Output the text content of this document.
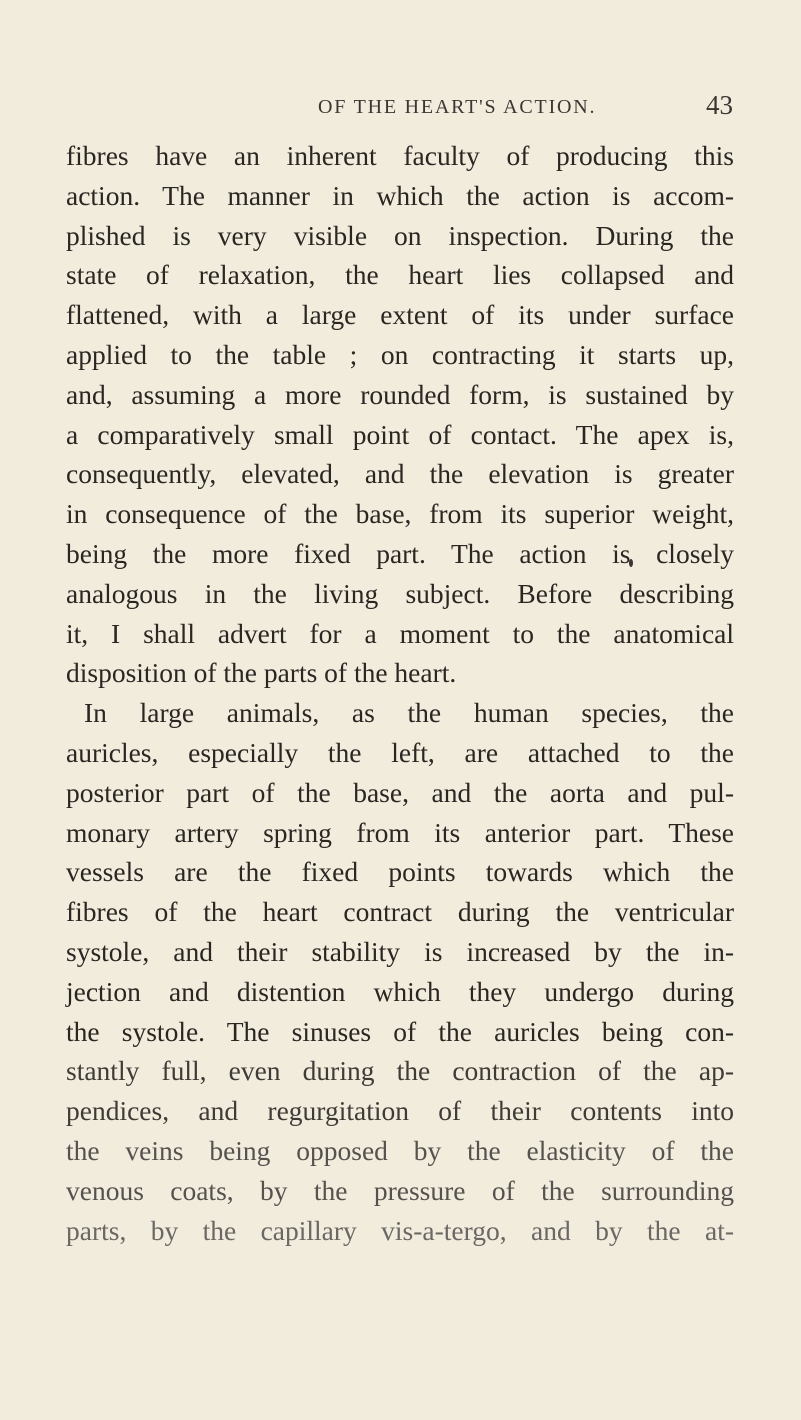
OF THE HEART'S ACTION.	43
fibres have an inherent faculty of producing this
action. The manner in which the action is accom-
plished is very visible on inspection. During the
state of relaxation, the heart lies collapsed and
flattened, with a large extent of its under surface
applied to the table ; on contracting it starts up,
and, assuming a more rounded form, is sustained by
a comparatively small point of contact. The apex is,
consequently, elevated, and the elevation is greater
in consequence of the base, from its superior weight,
being the more fixed part. The action is closely
analogous in the living subject. Before describing
it, I shall advert for a moment to the anatomical
disposition of the parts of the heart.
In large animals, as the human species, the
auricles, especially the left, are attached to the
posterior part of the base, and the aorta and pul-
monary artery spring from its anterior part. These
vessels are the fixed points towards which the
fibres of the heart contract during the ventricular
systole, and their stability is increased by the in-
jection and distention which they undergo during
the systole. The sinuses of the auricles being con-
stantly full, even during the contraction of the ap-
pendices, and regurgitation of their contents into
the veins being opposed by the elasticity of the
venous coats, by the pressure of the surrounding
parts, by the capillary vis-a-tergo, and by the at-
